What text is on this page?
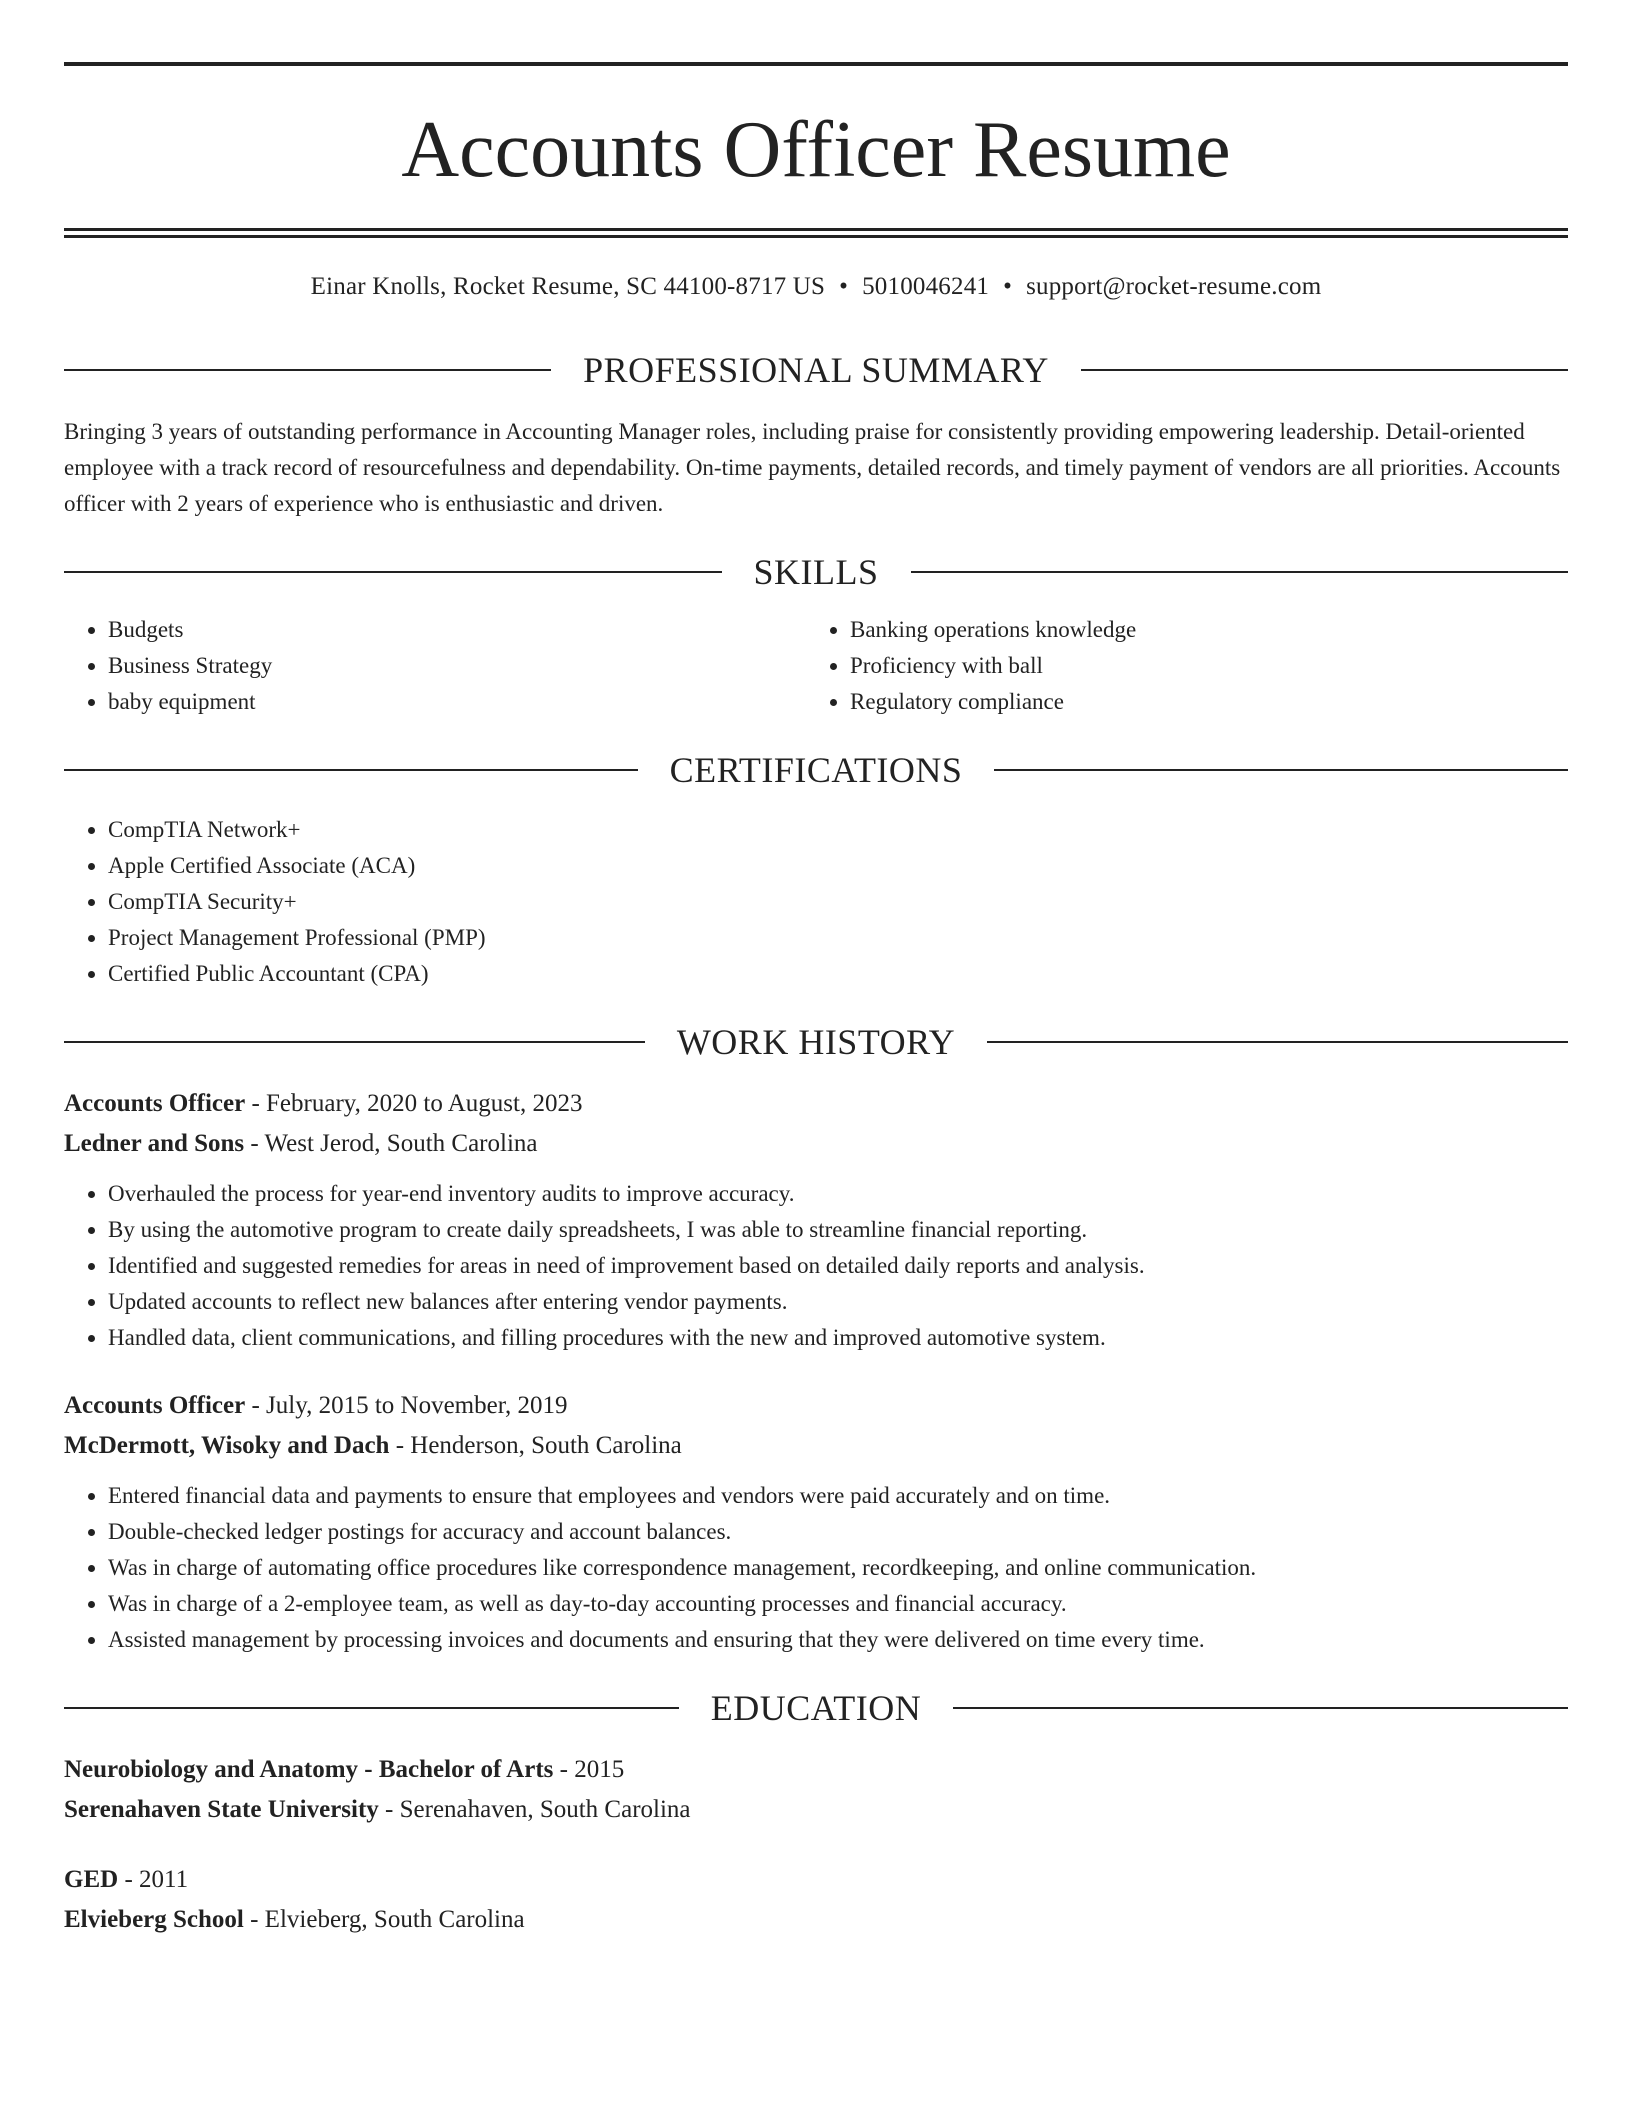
Accounts Officer Resume
Einar Knolls, Rocket Resume, SC 44100-8717 US • 5010046241 • support@rocket-resume.com
PROFESSIONAL SUMMARY

Bringing 3 years of outstanding performance in Accounting Manager roles, including praise for consistently providing empowering leadership. Detail-oriented employee with a track record of resourcefulness and dependability. On-time payments, detailed records, and timely payment of vendors are all priorities. Accounts officer with 2 years of experience who is enthusiastic and driven.

SKILLS
• Budgets
• Business Strategy
• baby equipment
• Banking operations knowledge
• Proficiency with ball
• Regulatory compliance
CERTIFICATIONS
• CompTIA Network+
• Apple Certified Associate (ACA)
• CompTIA Security+
• Project Management Professional (PMP)
• Certified Public Accountant (CPA)
WORK HISTORY
Accounts Officer - February, 2020 to August, 2023
Ledner and Sons - West Jerod, South Carolina
• Overhauled the process for year-end inventory audits to improve accuracy.
• By using the automotive program to create daily spreadsheets, I was able to streamline financial reporting.
• Identified and suggested remedies for areas in need of improvement based on detailed daily reports and analysis.
• Updated accounts to reflect new balances after entering vendor payments.
• Handled data, client communications, and filling procedures with the new and improved automotive system.
Accounts Officer - July, 2015 to November, 2019
McDermott, Wisoky and Dach - Henderson, South Carolina
• Entered financial data and payments to ensure that employees and vendors were paid accurately and on time.
• Double-checked ledger postings for accuracy and account balances.
• Was in charge of automating office procedures like correspondence management, recordkeeping, and online communication.
• Was in charge of a 2-employee team, as well as day-to-day accounting processes and financial accuracy.
• Assisted management by processing invoices and documents and ensuring that they were delivered on time every time.
EDUCATION
Neurobiology and Anatomy - Bachelor of Arts - 2015
Serenahaven State University - Serenahaven, South Carolina
GED - 2011
Elvieberg School - Elvieberg, South Carolina
